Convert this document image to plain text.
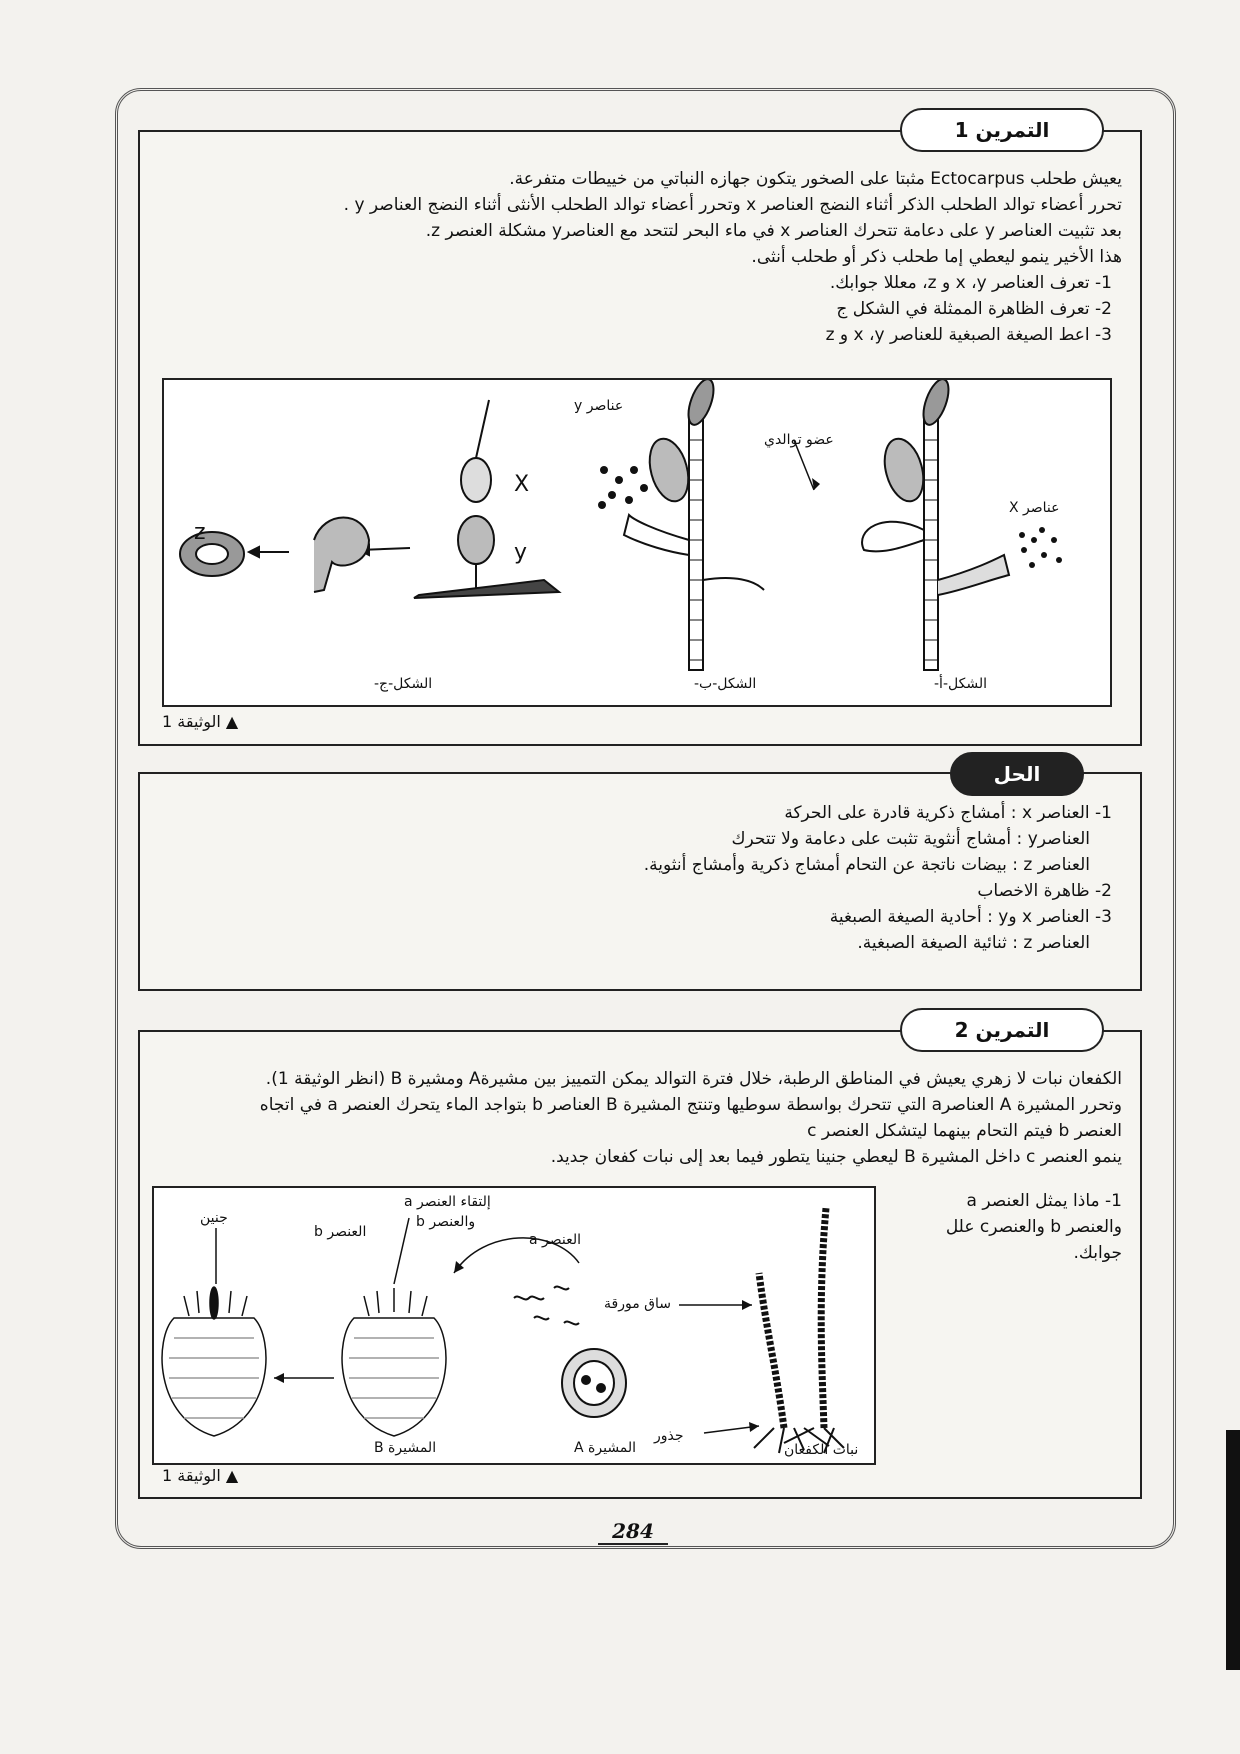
التمرين 1

يعيش طحلب Ectocarpus مثبتا على الصخور يتكون جهازه النباتي من خييطات متفرعة.

تحرر أعضاء توالد الطحلب الذكر أثناء النضج العناصر x وتحرر أعضاء توالد الطحلب الأنثى أثناء النضج العناصر y .

بعد تثبيت العناصر y على دعامة تتحرك العناصر x في ماء البحر لتتحد مع العناصرy مشكلة العنصر z.

هذا الأخير ينمو ليعطي إما طحلب ذكر أو طحلب أنثى.

1- تعرف العناصر x ،y و z، معللا جوابك.

2- تعرف الظاهرة الممثلة في الشكل ج

3- اعط الصيغة الصبغية للعناصر x ،y و z

عناصر y
عضو توالدي
عناصر X
X
y
z
الشكل-أ-
الشكل-ب-
الشكل-ج-
▲ الوثيقة 1
الحل

1- العناصر x : أمشاج ذكرية قادرة على الحركة

العناصرy : أمشاج أنثوية تثبت على دعامة ولا تتحرك

العناصر z : بيضات ناتجة عن التحام أمشاج ذكرية وأمشاج أنثوية.

2- ظاهرة الاخصاب

3- العناصر x وy : أحادية الصيغة الصبغية

العناصر z : ثنائية الصيغة الصبغية.

التمرين 2

الكفعان نبات لا زهري يعيش في المناطق الرطبة، خلال فترة التوالد يمكن التمييز بين مشيرةA ومشيرة B (انظر الوثيقة 1).

وتحرر المشيرة A العناصرa التي تتحرك بواسطة سوطيها وتنتج المشيرة B العناصر b بتواجد الماء يتحرك العنصر a في اتجاه

العنصر b فيتم التحام بينهما ليتشكل العنصر c

ينمو العنصر c داخل المشيرة B ليعطي جنينا يتطور فيما بعد إلى نبات كفعان جديد.

1- ماذا يمثل العنصر a

والعنصر b والعنصرc علل

جوابك.

جنين
إلتقاء العنصر a
والعنصر b
العنصر b	العنصر a
ساق مورقة
جذور
نبات الكفعان
المشيرة A
المشيرة B
▲ الوثيقة 1
284
